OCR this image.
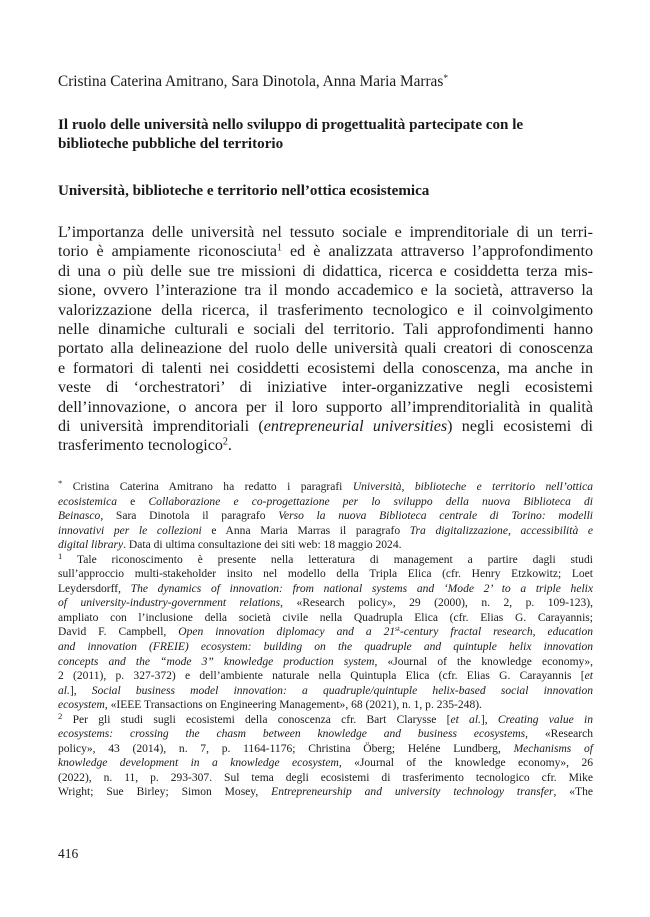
Cristina Caterina Amitrano, Sara Dinotola, Anna Maria Marras*
Il ruolo delle università nello sviluppo di progettualità partecipate con le
biblioteche pubbliche del territorio
Università, biblioteche e territorio nell’ottica ecosistemica
L’importanza delle università nel tessuto sociale e imprenditoriale di un terri-
torio è ampiamente riconosciuta$^1$ ed è analizzata attraverso l’approfondimento
di una o più delle sue tre missioni di didattica, ricerca e cosiddetta terza mis-
sione, ovvero l’interazione tra il mondo accademico e la società, attraverso la
valorizzazione della ricerca, il trasferimento tecnologico e il coinvolgimento
nelle dinamiche culturali e sociali del territorio. Tali approfondimenti hanno
portato alla delineazione del ruolo delle università quali creatori di conoscenza
e formatori di talenti nei cosiddetti ecosistemi della conoscenza, ma anche in
veste di ‘orchestratori’ di iniziative inter-organizzative negli ecosistemi
dell’innovazione, o ancora per il loro supporto all’imprenditorialità in qualità
di università imprenditoriali (entrepreneurial universities) negli ecosistemi di
trasferimento tecnologico$^2$.
* Cristina Caterina Amitrano ha redatto i paragrafi Università, biblioteche e territorio nell’ottica
ecosistemica e Collaborazione e co-progettazione per lo sviluppo della nuova Biblioteca di
Beinasco, Sara Dinotola il paragrafo Verso la nuova Biblioteca centrale di Torino: modelli
innovativi per le collezioni e Anna Maria Marras il paragrafo Tra digitalizzazione, accessibilità e
digital library. Data di ultima consultazione dei siti web: 18 maggio 2024.
$^1$ Tale riconoscimento è presente nella letteratura di management a partire dagli studi
sull’approccio multi-stakeholder insito nel modello della Tripla Elica (cfr. Henry Etzkowitz; Loet
Leydersdorff, The dynamics of innovation: from national systems and ‘Mode 2’ to a triple helix
of university-industry-government relations, «Research policy», 29 (2000), n. 2, p. 109-123),
ampliato con l’inclusione della società civile nella Quadrupla Elica (cfr. Elias G. Carayannis;
David F. Campbell, Open innovation diplomacy and a 21st-century fractal research, education
and innovation (FREIE) ecosystem: building on the quadruple and quintuple helix innovation
concepts and the “mode 3” knowledge production system, «Journal of the knowledge economy»,
2 (2011), p. 327-372) e dell’ambiente naturale nella Quintupla Elica (cfr. Elias G. Carayannis [et
al.], Social business model innovation: a quadruple/quintuple helix-based social innovation
ecosystem, «IEEE Transactions on Engineering Management», 68 (2021), n. 1, p. 235-248).
$^2$ Per gli studi sugli ecosistemi della conoscenza cfr. Bart Clarysse [et al.], Creating value in
ecosystems: crossing the chasm between knowledge and business ecosystems, «Research
policy», 43 (2014), n. 7, p. 1164-1176; Christina Öberg; Heléne Lundberg, Mechanisms of
knowledge development in a knowledge ecosystem, «Journal of the knowledge economy», 26
(2022), n. 11, p. 293-307. Sul tema degli ecosistemi di trasferimento tecnologico cfr. Mike
Wright; Sue Birley; Simon Mosey, Entrepreneurship and university technology transfer, «The
416
